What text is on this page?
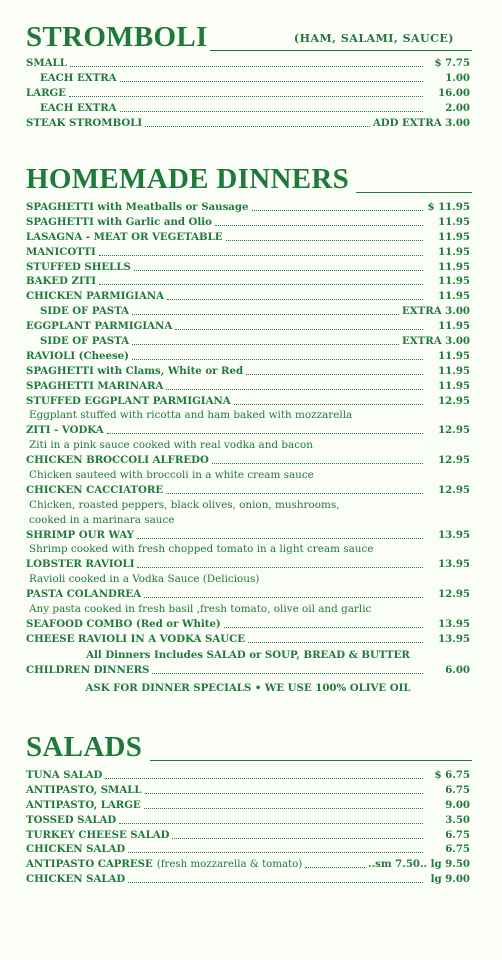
STROMBOLI	(HAM, SALAMI, SAUCE)
SMALL	$ 7.75
EACH EXTRA	1.00
LARGE	16.00
EACH EXTRA	2.00
STEAK STROMBOLI	ADD EXTRA 3.00
HOMEMADE DINNERS
SPAGHETTI with Meatballs or Sausage	$ 11.95
SPAGHETTI with Garlic and Olio	11.95
LASAGNA - MEAT OR VEGETABLE	11.95
MANICOTTI	11.95
STUFFED SHELLS	11.95
BAKED ZITI	11.95
CHICKEN PARMIGIANA	11.95
SIDE OF PASTA	EXTRA 3.00
EGGPLANT PARMIGIANA	11.95
SIDE OF PASTA	EXTRA 3.00
RAVIOLI (Cheese)	11.95
SPAGHETTI with Clams, White or Red	11.95
SPAGHETTI MARINARA	11.95
STUFFED EGGPLANT PARMIGIANA	12.95
Eggplant stuffed with ricotta and ham baked with mozzarella
ZITI - VODKA	12.95
Ziti in a pink sauce cooked with real vodka and bacon
CHICKEN BROCCOLI ALFREDO	12.95
Chicken sauteed with broccoli in a white cream sauce
CHICKEN CACCIATORE	12.95
Chicken, roasted peppers, black olives, onion, mushrooms,
cooked in a marinara sauce
SHRIMP OUR WAY	13.95
Shrimp cooked with fresh chopped tomato in a light cream sauce
LOBSTER RAVIOLI	13.95
Ravioli cooked in a Vodka Sauce (Delicious)
PASTA COLANDREA	12.95
Any pasta cooked in fresh basil ,fresh tomato, olive oil and garlic
SEAFOOD COMBO (Red or White)	13.95
CHEESE RAVIOLI IN A VODKA SAUCE	13.95
All Dinners Includes SALAD or SOUP, BREAD & BUTTER
CHILDREN DINNERS	6.00
ASK FOR DINNER SPECIALS • WE USE 100% OLIVE OIL
SALADS
TUNA SALAD	$ 6.75
ANTIPASTO, SMALL	6.75
ANTIPASTO, LARGE	9.00
TOSSED SALAD	3.50
TURKEY CHEESE SALAD	6.75
CHICKEN SALAD	6.75
ANTIPASTO CAPRESE (fresh mozzarella & tomato)	..sm 7.50.. lg 9.50
CHICKEN SALAD	lg 9.00
